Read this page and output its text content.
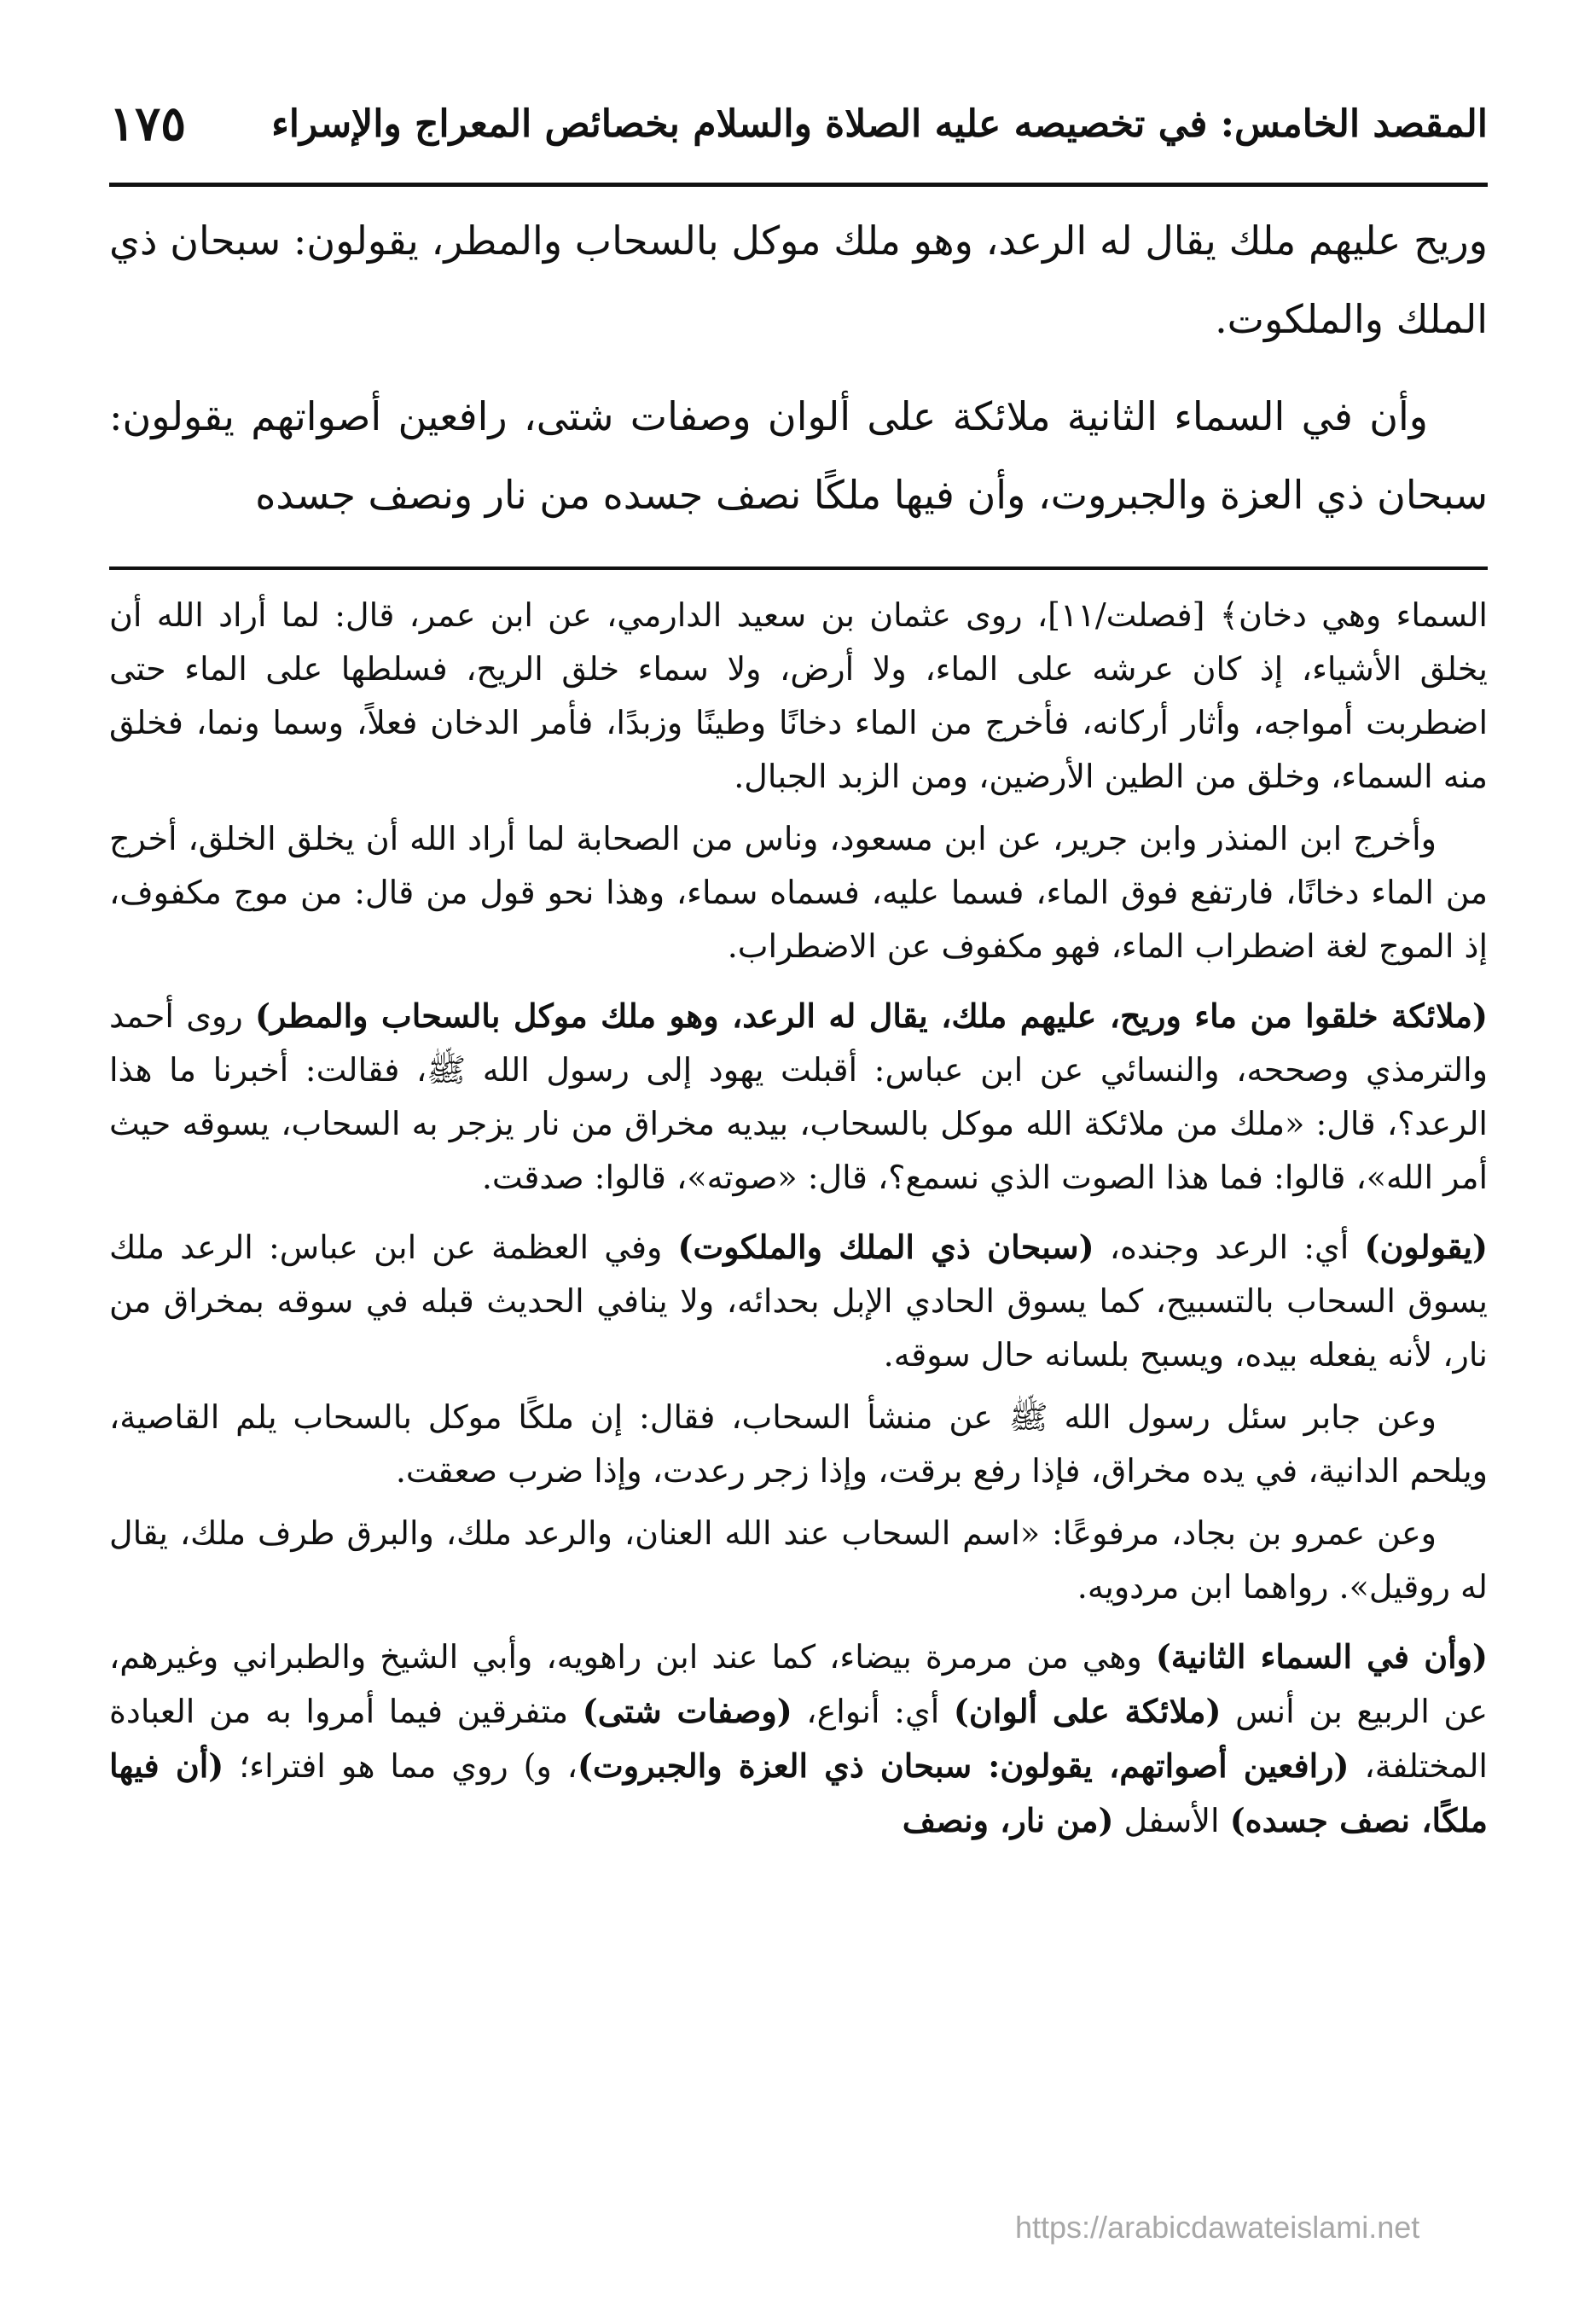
المقصد الخامس: في تخصيصه عليه الصلاة والسلام بخصائص المعراج والإسراء
١٧٥

وريح عليهم ملك يقال له الرعد، وهو ملك موكل بالسحاب والمطر، يقولون: سبحان ذي الملك والملكوت.

وأن في السماء الثانية ملائكة على ألوان وصفات شتى، رافعين أصواتهم يقولون: سبحان ذي العزة والجبروت، وأن فيها ملكًا نصف جسده من نار ونصف جسده

السماء وهي دخان﴾ [فصلت/١١]، روى عثمان بن سعيد الدارمي، عن ابن عمر، قال: لما أراد الله أن يخلق الأشياء، إذ كان عرشه على الماء، ولا أرض، ولا سماء خلق الريح، فسلطها على الماء حتى اضطربت أمواجه، وأثار أركانه، فأخرج من الماء دخانًا وطينًا وزبدًا، فأمر الدخان فعلاً، وسما ونما، فخلق منه السماء، وخلق من الطين الأرضين، ومن الزبد الجبال.

وأخرج ابن المنذر وابن جرير، عن ابن مسعود، وناس من الصحابة لما أراد الله أن يخلق الخلق، أخرج من الماء دخانًا، فارتفع فوق الماء، فسما عليه، فسماه سماء، وهذا نحو قول من قال: من موج مكفوف، إذ الموج لغة اضطراب الماء، فهو مكفوف عن الاضطراب.

(ملائكة خلقوا من ماء وريح، عليهم ملك، يقال له الرعد، وهو ملك موكل بالسحاب والمطر) روى أحمد والترمذي وصححه، والنسائي عن ابن عباس: أقبلت يهود إلى رسول الله ﷺ، فقالت: أخبرنا ما هذا الرعد؟، قال: «ملك من ملائكة الله موكل بالسحاب، بيديه مخراق من نار يزجر به السحاب، يسوقه حيث أمر الله»، قالوا: فما هذا الصوت الذي نسمع؟، قال: «صوته»، قالوا: صدقت.

(يقولون) أي: الرعد وجنده، (سبحان ذي الملك والملكوت) وفي العظمة عن ابن عباس: الرعد ملك يسوق السحاب بالتسبيح، كما يسوق الحادي الإبل بحدائه، ولا ينافي الحديث قبله في سوقه بمخراق من نار، لأنه يفعله بيده، ويسبح بلسانه حال سوقه.

وعن جابر سئل رسول الله ﷺ عن منشأ السحاب، فقال: إن ملكًا موكل بالسحاب يلم القاصية، ويلحم الدانية، في يده مخراق، فإذا رفع برقت، وإذا زجر رعدت، وإذا ضرب صعقت.

وعن عمرو بن بجاد، مرفوعًا: «اسم السحاب عند الله العنان، والرعد ملك، والبرق طرف ملك، يقال له روقيل». رواهما ابن مردويه.

(وأن في السماء الثانية) وهي من مرمرة بيضاء، كما عند ابن راهويه، وأبي الشيخ والطبراني وغيرهم، عن الربيع بن أنس (ملائكة على ألوان) أي: أنواع، (وصفات شتى) متفرقين فيما أمروا به من العبادة المختلفة، (رافعين أصواتهم، يقولون: سبحان ذي العزة والجبروت)، و) روي مما هو افتراء؛ (أن فيها ملكًا، نصف جسده) الأسفل (من نار، ونصف

https://arabicdawateislami.net
